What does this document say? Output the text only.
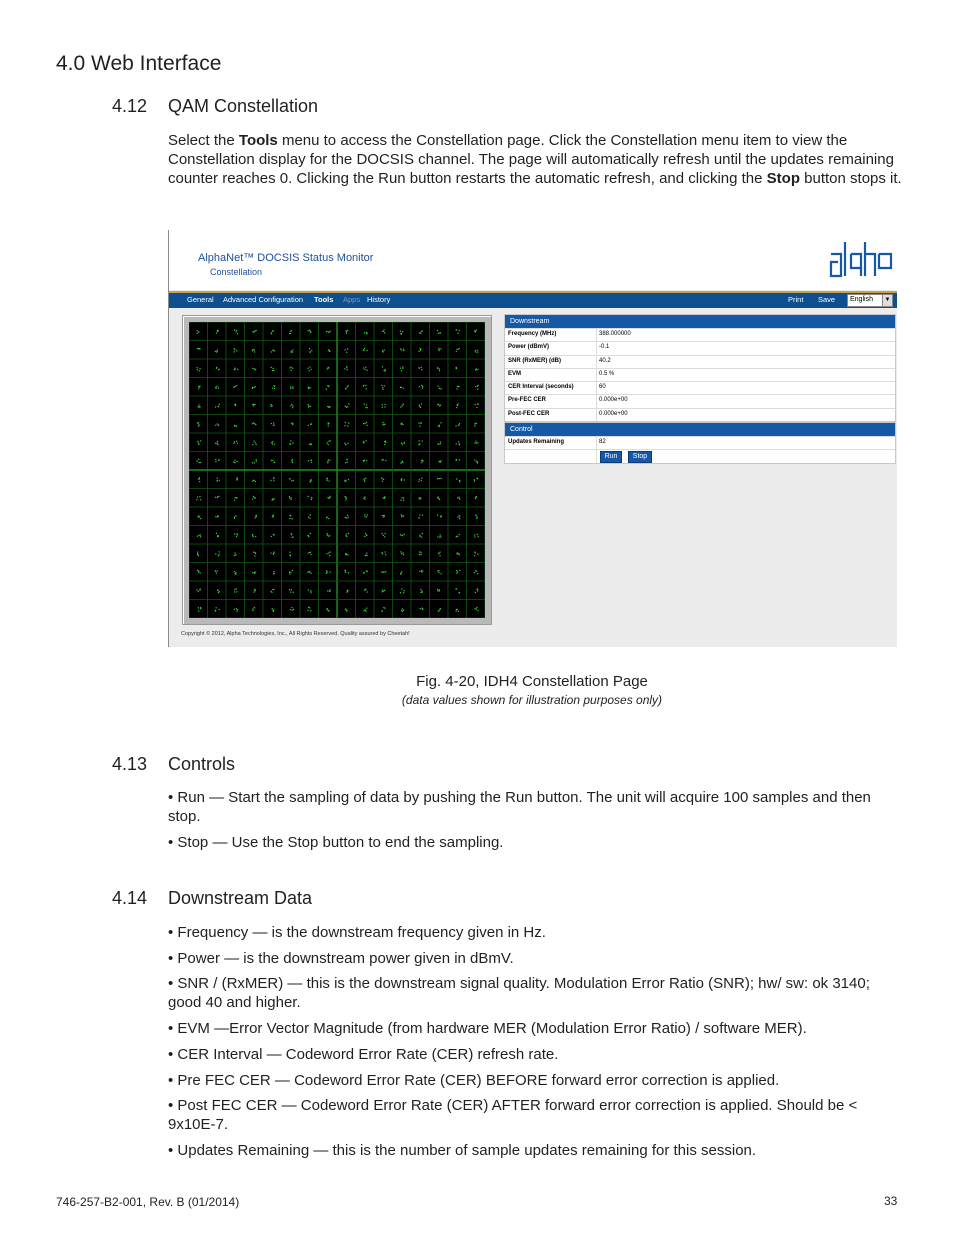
4.0 Web Interface
4.12 QAM Constellation
Select the Tools menu to access the Constellation page. Click the Constellation menu item to view the Constellation display for the DOCSIS channel. The page will automatically refresh until the updates remaining counter reaches 0. Clicking the Run button restarts the automatic refresh, and clicking the Stop button stops it.
AlphaNet™ DOCSIS Status Monitor
Constellation
General Advanced Configuration Tools Apps History	Print Save English	▼
Downstream
Frequency (MHz)	388.000000
Power (dBmV)	-0.1
SNR (RxMER) (dB)	40.2
EVM	0.5 %
CER Interval (seconds)	60
Pre-FEC CER	0.000e+00
Post-FEC CER	0.000e+00
Control
Updates Remaining	82
Run	Stop
Copyright © 2012, Alpha Technologies, Inc., All Rights Reserved. Quality assured by Cheetah!
Fig. 4-20, IDH4 Constellation Page
(data values shown for illustration purposes only)
4.13 Controls
• Run — Start the sampling of data by pushing the Run button. The unit will acquire 100 samples and then stop.
• Stop — Use the Stop button to end the sampling.
4.14 Downstream Data
• Frequency — is the downstream frequency given in Hz.
• Power — is the downstream power given in dBmV.
• SNR / (RxMER) — this is the downstream signal quality. Modulation Error Ratio (SNR); hw/ sw: ok 3140; good 40 and higher.
• EVM —Error Vector Magnitude (from hardware MER (Modulation Error Ratio) / software MER).
• CER Interval — Codeword Error Rate (CER) refresh rate.
• Pre FEC CER — Codeword Error Rate (CER) BEFORE forward error correction is applied.
• Post FEC CER — Codeword Error Rate (CER) AFTER forward error correction is applied. Should be < 9x10E-7.
• Updates Remaining — this is the number of sample updates remaining for this session.
746-257-B2-001, Rev. B (01/2014)	33
